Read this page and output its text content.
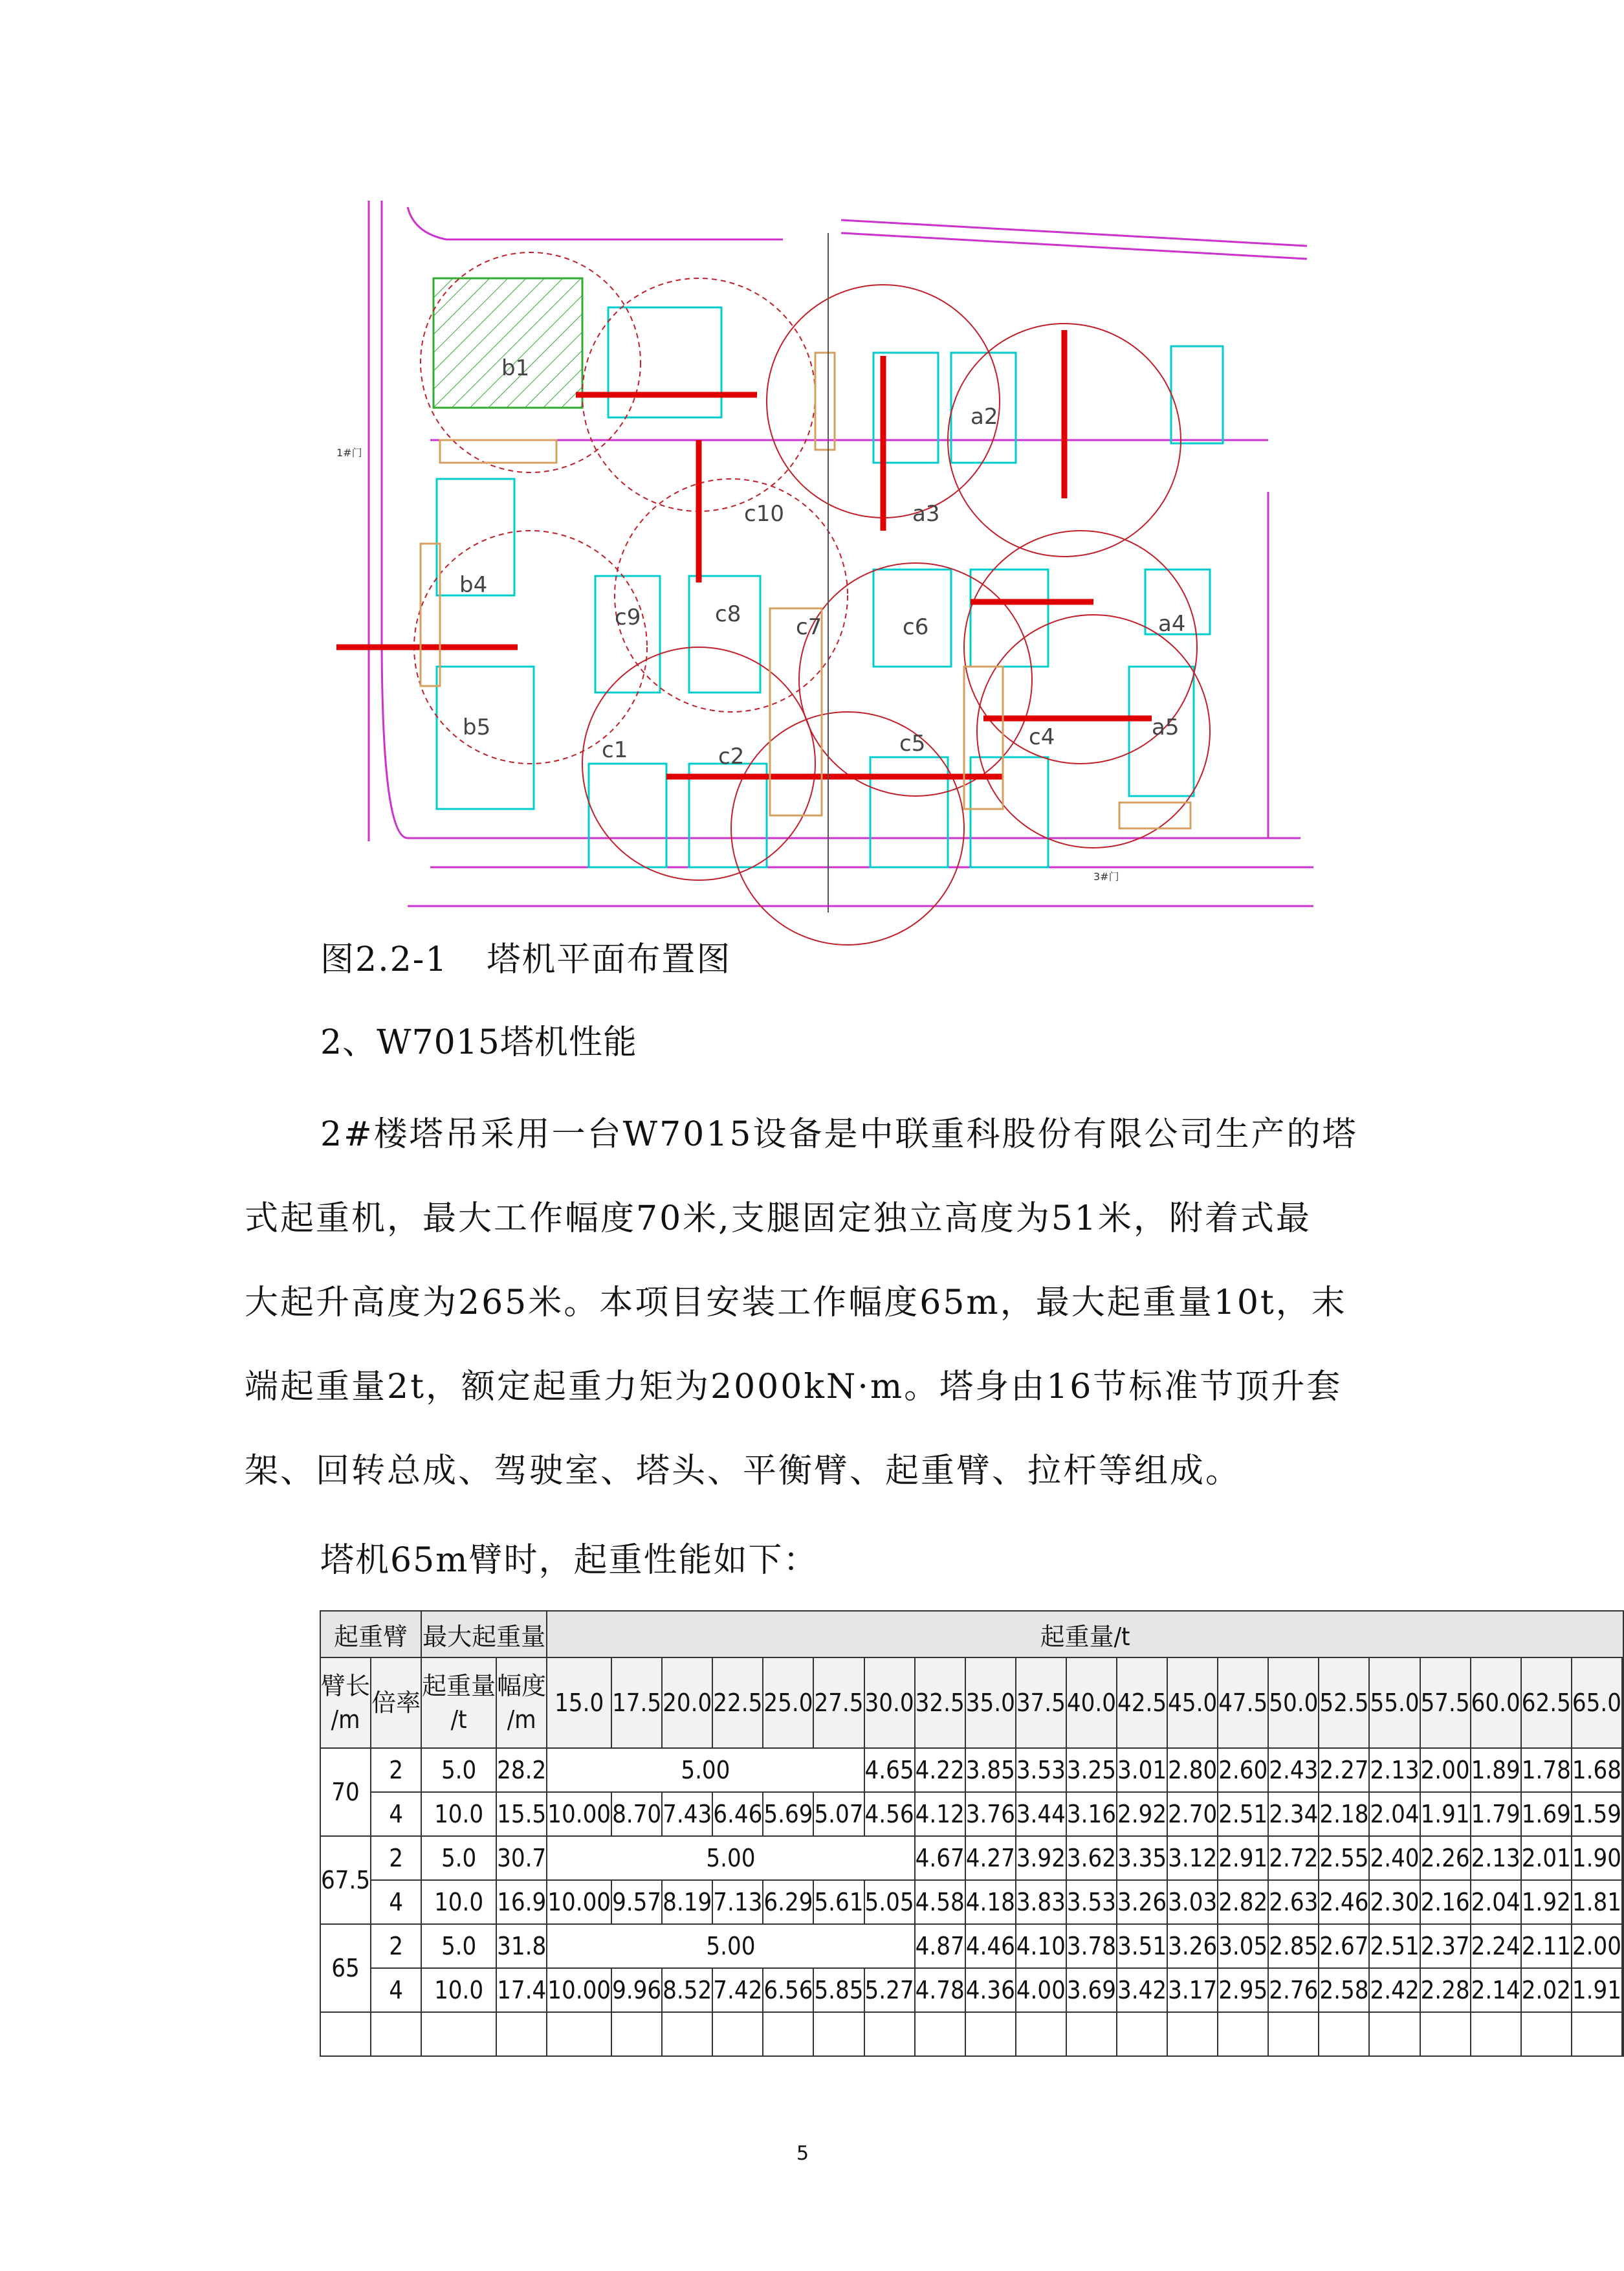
b1
b4
b5
c9	c8
c10
c7	c6
c4
c5
c2
c1
a2
a3
a4
a5
1#门
3#门
图2.2-1 塔机平面布置图
2、W7015塔机性能

2#楼塔吊采用一台W7015设备是中联重科股份有限公司生产的塔

式起重机，最大工作幅度70米,支腿固定独立高度为51米，附着式最

大起升高度为265米。本项目安装工作幅度65m，最大起重量10t，末

端起重量2t，额定起重力矩为2000kN·m。塔身由16节标准节顶升套

架、回转总成、驾驶室、塔头、平衡臂、起重臂、拉杆等组成。

塔机65m臂时，起重性能如下：
起重臂		最大起重量		起重量/t																					
臂长
/m	倍率	起重量
/t	幅度
/m	15.0	17.5	20.0	22.5	25.0	27.5	30.0	32.5	35.0	37.5	40.0	42.5	45.0	47.5	50.0	52.5	55.0	57.5	60.0	62.5	65.0	
70	2	5.0	28.2	5.00						4.65	4.22	3.85	3.53	3.25	3.01	2.80	2.60	2.43	2.27	2.13	2.00	1.89	1.78	1.68	
	4	10.0	15.5	10.00	8.70	7.43	6.46	5.69	5.07	4.56	4.12	3.76	3.44	3.16	2.92	2.70	2.51	2.34	2.18	2.04	1.91	1.79	1.69	1.59	
67.5	2	5.0	30.7	5.00							4.67	4.27	3.92	3.62	3.35	3.12	2.91	2.72	2.55	2.40	2.26	2.13	2.01	1.90	
	4	10.0	16.9	10.00	9.57	8.19	7.13	6.29	5.61	5.05	4.58	4.18	3.83	3.53	3.26	3.03	2.82	2.63	2.46	2.30	2.16	2.04	1.92	1.81	
65	2	5.0	31.8	5.00							4.87	4.46	4.10	3.78	3.51	3.26	3.05	2.85	2.67	2.51	2.37	2.24	2.11	2.00	
	4	10.0	17.4	10.00	9.96	8.52	7.42	6.56	5.85	5.27	4.78	4.36	4.00	3.69	3.42	3.17	2.95	2.76	2.58	2.42	2.28	2.14	2.02	1.91	

5
